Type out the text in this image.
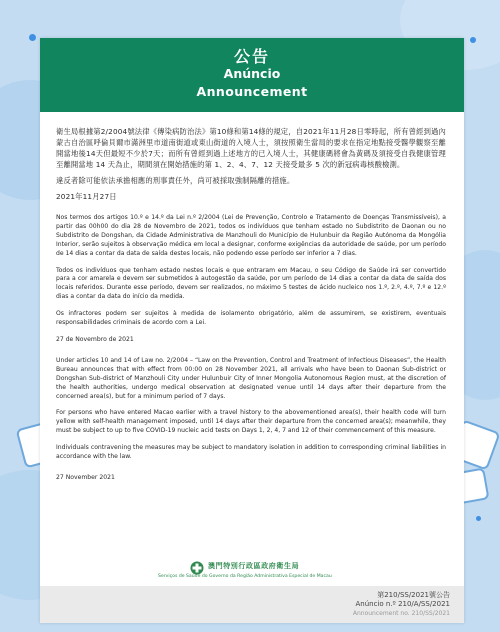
公告
Anúncio
Announcement

衛生局根據第2/2004號法律《傳染病防治法》第10條和第14條的規定，自2021年11月28日零時起，所有曾經到過內蒙古自治區呼倫貝爾市滿洲里市道南街道或東山街道的入境人士，須按照衛生當局的要求在指定地點接受醫學觀察至離開當地後14天但最短不少於7天；而所有曾經到過上述地方的已入境人士，其健康碼將會為黃碼及須接受自我健康管理至離開當地 14 天為止，期間須在開始措施的第 1、2、4、7、12 天接受最多 5 次的新冠病毒核酸檢測。

違反者除可能依法承擔相應的刑事責任外，尚可被採取強制隔離的措施。

2021年11月27日

Nos termos dos artigos 10.º e 14.º da Lei n.º 2/2004 (Lei de Prevenção, Controlo e Tratamento de Doenças Transmissíveis), a partir das 00h00 do dia 28 de Novembro de 2021, todos os indivíduos que tenham estado no Subdistrito de Daonan ou no Subdistrito de Dongshan, da Cidade Administrativa de Manzhouli do Município de Hulunbuir da Região Autónoma da Mongólia Interior, serão sujeitos à observação médica em local a designar, conforme exigências da autoridade de saúde, por um período de 14 dias a contar da data de saída destes locais, não podendo esse período ser inferior a 7 dias.

Todos os indivíduos que tenham estado nestes locais e que entraram em Macau, o seu Código de Saúde irá ser convertido para a cor amarela e devem ser submetidos à autogestão da saúde, por um período de 14 dias a contar da data de saída dos locais referidos. Durante esse período, devem ser realizados, no máximo 5 testes de ácido nucleico nos 1.º, 2.º, 4.º, 7.º e 12.º dias a contar da data do início da medida.

Os infractores podem ser sujeitos à medida de isolamento obrigatório, além de assumirem, se existirem, eventuais responsabilidades criminais de acordo com a Lei.

27 de Novembro de 2021

Under articles 10 and 14 of Law no. 2/2004 – “Law on the Prevention, Control and Treatment of Infectious Diseases”, the Health Bureau announces that with effect from 00:00 on 28 November 2021, all arrivals who have been to Daonan Sub-district or Dongshan Sub-district of Manzhouli City under Hulunbuir City of Inner Mongolia Autonomous Region must, at the discretion of the health authorities, undergo medical observation at designated venue until 14 days after their departure from the concerned area(s), but for a minimum period of 7 days.

For persons who have entered Macao earlier with a travel history to the abovementioned area(s), their health code will turn yellow with self-health management imposed, until 14 days after their departure from the concerned area(s); meanwhile, they must be subject to up to five COVID-19 nucleic acid tests on Days 1, 2, 4, 7 and 12 of their commencement of this measure.

Individuals contravening the measures may be subject to mandatory isolation in addition to corresponding criminal liabilities in accordance with the law.

27 November 2021

澳門特別行政區政府衛生局
Serviços de Saúde do Governo da Região Administrativa Especial de Macau
第210/SS/2021號公告
Anúncio n.º 210/A/SS/2021
Announcement no. 210/SS/2021
